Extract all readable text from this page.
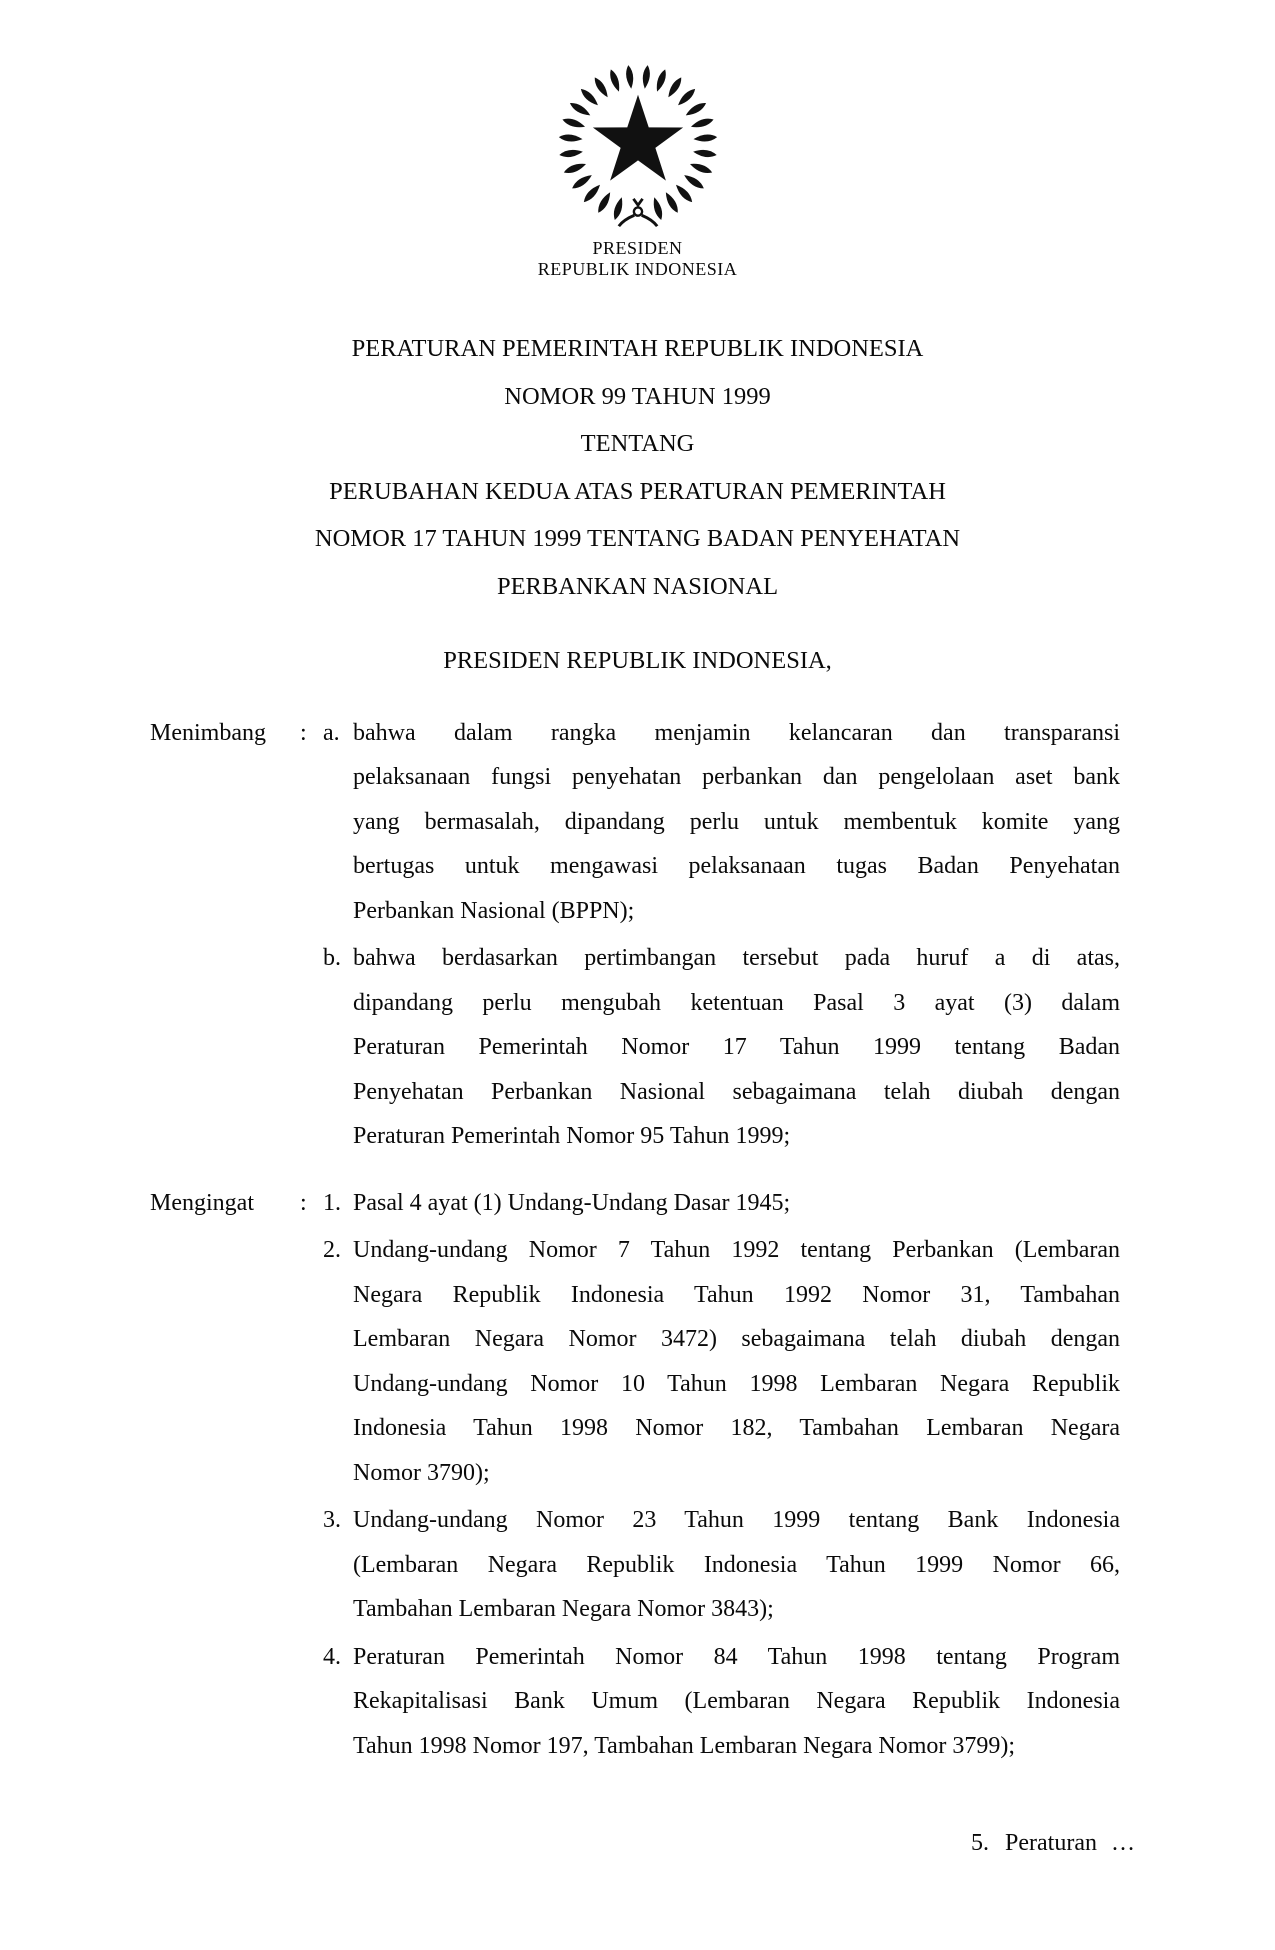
PRESIDEN
REPUBLIK INDONESIA
PERATURAN PEMERINTAH REPUBLIK INDONESIA
NOMOR 99 TAHUN 1999
TENTANG
PERUBAHAN KEDUA ATAS PERATURAN PEMERINTAH
NOMOR 17 TAHUN 1999 TENTANG BADAN PENYEHATAN
PERBANKAN NASIONAL
PRESIDEN REPUBLIK INDONESIA,
Menimbang	: a. bahwa dalam rangka menjamin kelancaran dan transparansi
pelaksanaan fungsi penyehatan perbankan dan pengelolaan aset bank
yang bermasalah, dipandang perlu untuk membentuk komite yang
bertugas untuk mengawasi pelaksanaan tugas Badan Penyehatan
Perbankan Nasional (BPPN);
b. bahwa berdasarkan pertimbangan tersebut pada huruf a di atas,
dipandang perlu mengubah ketentuan Pasal 3 ayat (3) dalam
Peraturan Pemerintah Nomor 17 Tahun 1999 tentang Badan
Penyehatan Perbankan Nasional sebagaimana telah diubah dengan
Peraturan Pemerintah Nomor 95 Tahun 1999;
Mengingat	: 1. Pasal 4 ayat (1) Undang-Undang Dasar 1945;
2. Undang-undang Nomor 7 Tahun 1992 tentang Perbankan (Lembaran
Negara Republik Indonesia Tahun 1992 Nomor 31, Tambahan
Lembaran Negara Nomor 3472) sebagaimana telah diubah dengan
Undang-undang Nomor 10 Tahun 1998 Lembaran Negara Republik
Indonesia Tahun 1998 Nomor 182, Tambahan Lembaran Negara
Nomor 3790);
3. Undang-undang Nomor 23 Tahun 1999 tentang Bank Indonesia
(Lembaran Negara Republik Indonesia Tahun 1999 Nomor 66,
Tambahan Lembaran Negara Nomor 3843);
4. Peraturan Pemerintah Nomor 84 Tahun 1998 tentang Program
Rekapitalisasi Bank Umum (Lembaran Negara Republik Indonesia
Tahun 1998 Nomor 197, Tambahan Lembaran Negara Nomor 3799);
5. Peraturan …
